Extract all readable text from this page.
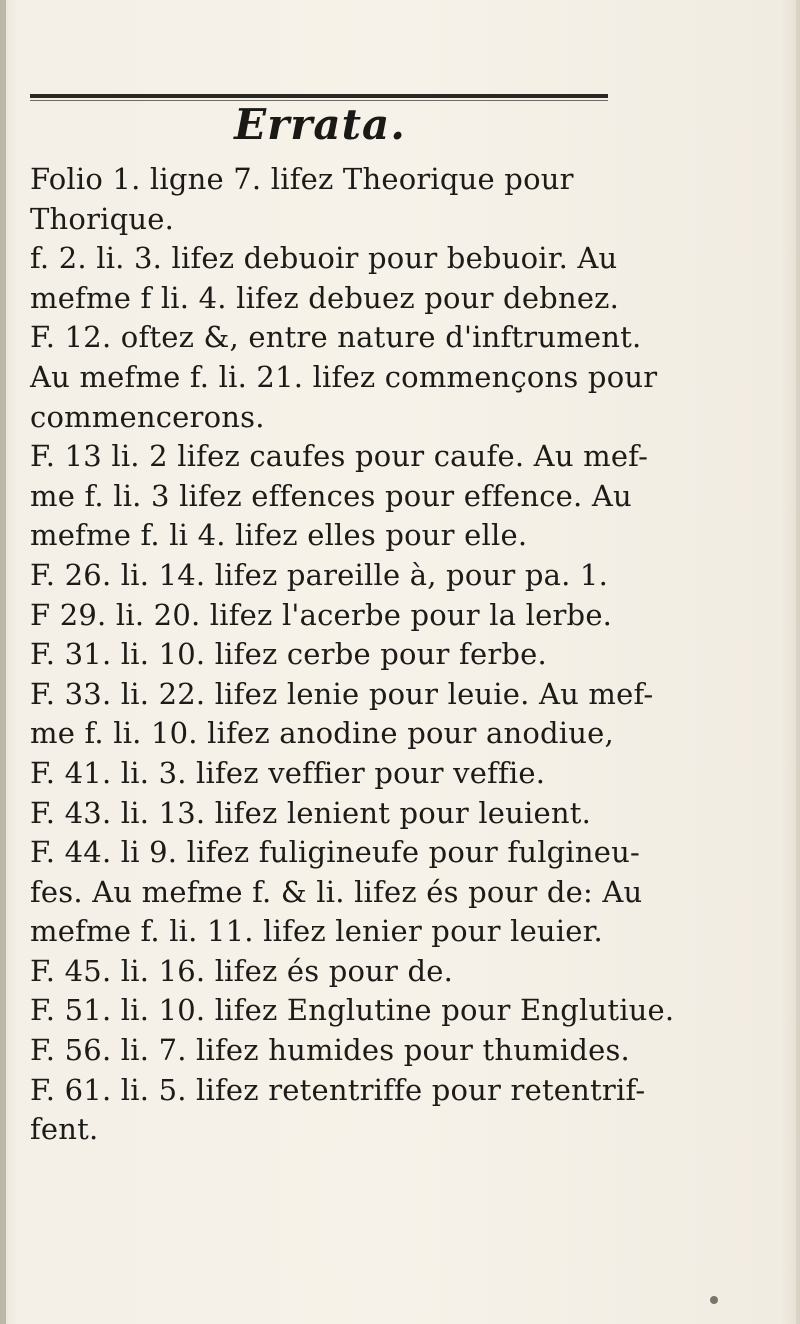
Errata.
Folio 1. ligne 7. lifez Theorique pour
Thorique.
f. 2. li. 3. lifez debuoir pour bebuoir. Au
mefme f li. 4. lifez debuez pour debnez.
F. 12. oftez &, entre nature d'inftrument.
Au mefme f. li. 21. lifez commençons pour
commencerons.
F. 13 li. 2 lifez caufes pour caufe. Au mef-
me f. li. 3 lifez effences pour effence. Au
mefme f. li 4. lifez elles pour elle.
F. 26. li. 14. lifez pareille à, pour pa. 1.
F 29. li. 20. lifez l'acerbe pour la lerbe.
F. 31. li. 10. lifez cerbe pour ferbe.
F. 33. li. 22. lifez lenie pour leuie. Au mef-
me f. li. 10. lifez anodine pour anodiue,
F. 41. li. 3. lifez veffier pour veffie.
F. 43. li. 13. lifez lenient pour leuient.
F. 44. li 9. lifez fuligineufe pour fulgineu-
fes. Au mefme f. & li. lifez és pour de: Au
mefme f. li. 11. lifez lenier pour leuier.
F. 45. li. 16. lifez és pour de.
F. 51. li. 10. lifez Englutine pour Englutiue.
F. 56. li. 7. lifez humides pour thumides.
F. 61. li. 5. lifez retentriffe pour retentrif-
fent.
